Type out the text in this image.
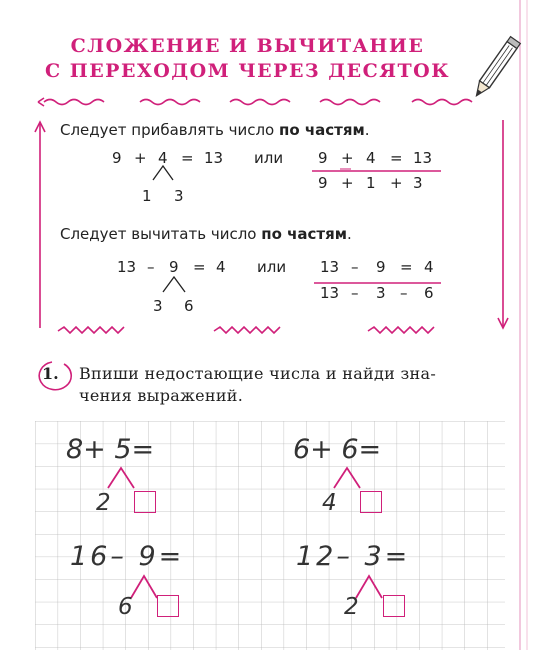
СЛОЖЕНИЕ И ВЫЧИТАНИЕ
С ПЕРЕХОДОМ ЧЕРЕЗ ДЕСЯТОК
Следует прибавлять число по частям.
9 + 4 = 13 или
1 3
9 + 4 = 13
9 + 1 + 3
Следует вычитать число по частям.
13 – 9 = 4 или
3 6
13 – 9 = 4
13 – 3 – 6
1. Впиши недостающие числа и найди зна-
чения выражений.
8+ 5=
2
6+ 6=
4
16– 9=
6
12– 3=
2
